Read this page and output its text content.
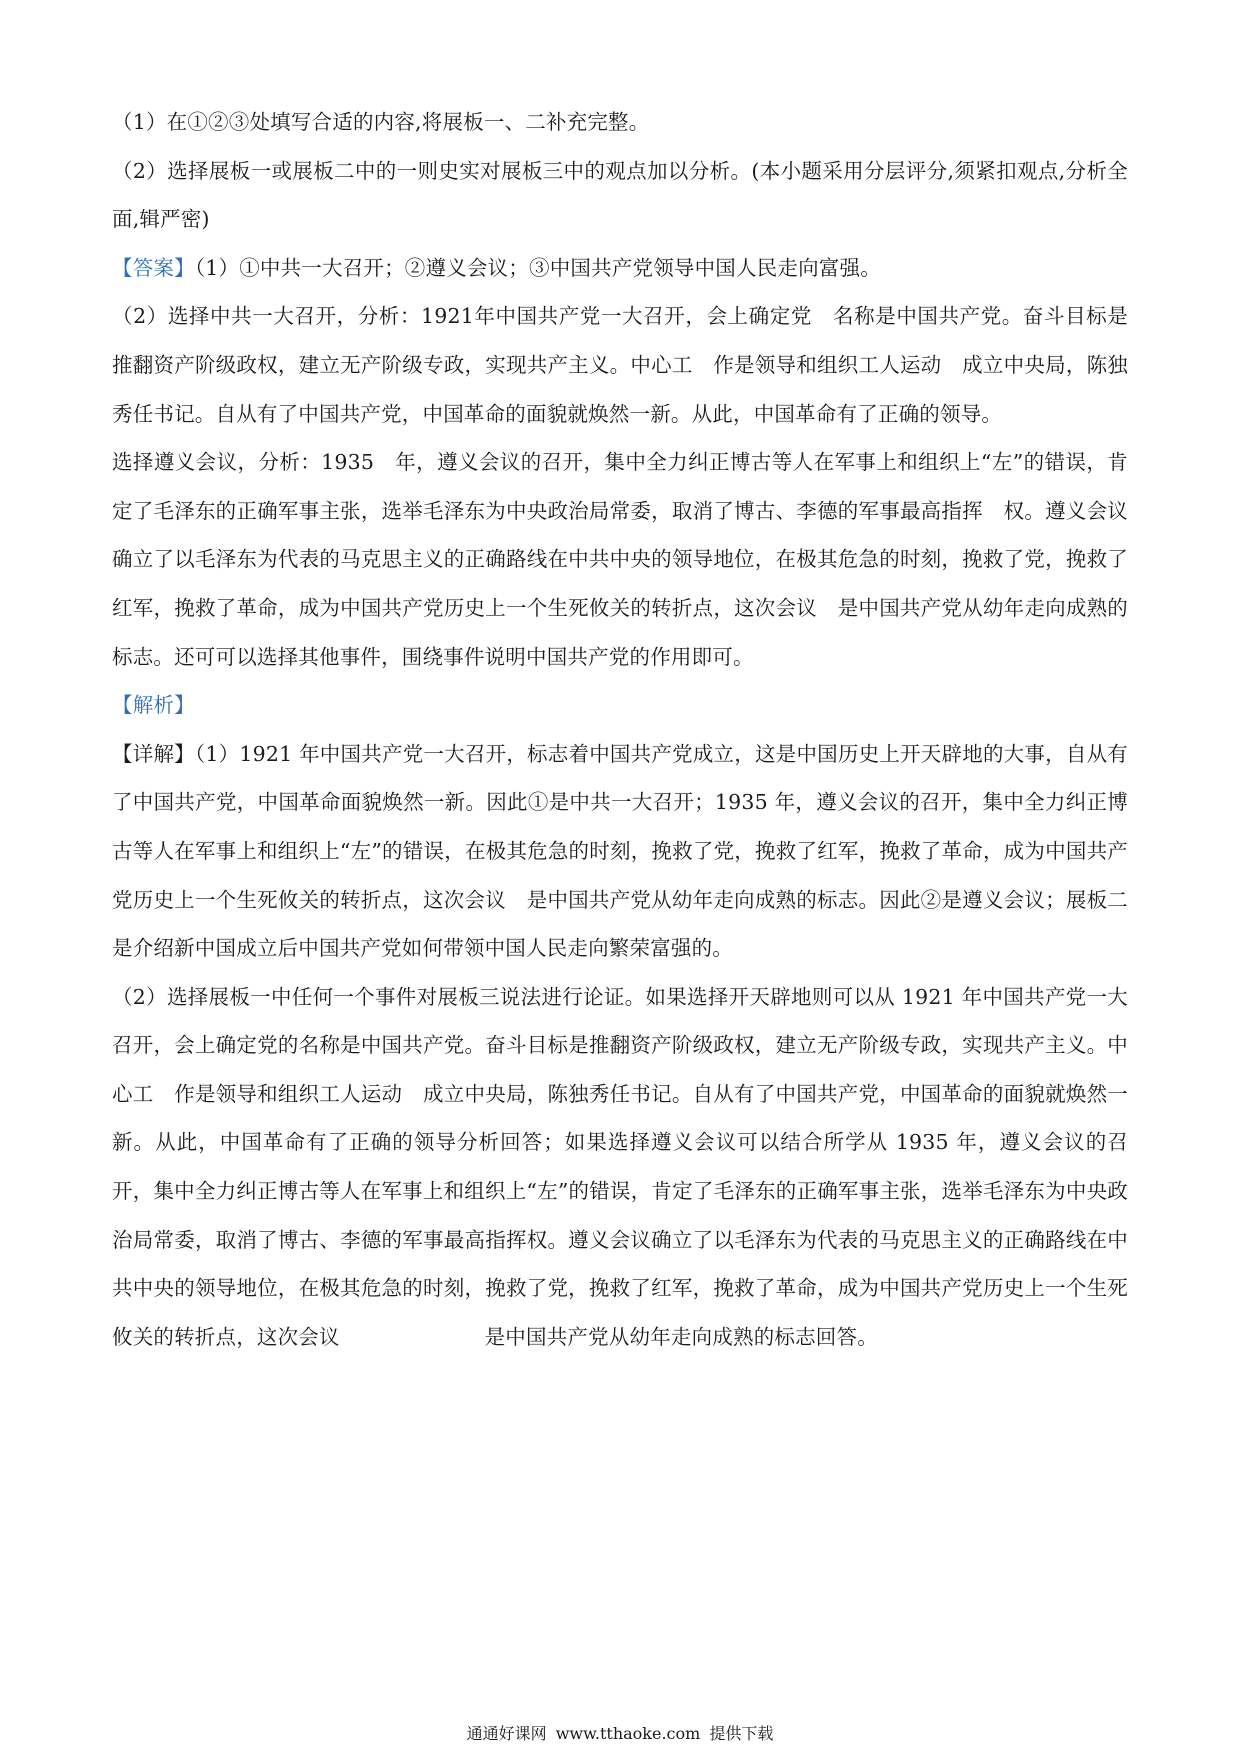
（1）在①②③处填写合适的内容,将展板一、二补充完整。

（2）选择展板一或展板二中的一则史实对展板三中的观点加以分析。(本小题采用分层评分,须紧扣观点,分析全面,辑严密)

【答案】（1）①中共一大召开；②遵义会议；③中国共产党领导中国人民走向富强。

（2）选择中共一大召开，分析：1921年中国共产党一大召开，会上确定党　名称是中国共产党。奋斗目标是推翻资产阶级政权，建立无产阶级专政，实现共产主义。中心工　作是领导和组织工人运动　成立中央局，陈独秀任书记。自从有了中国共产党，中国革命的面貌就焕然一新。从此，中国革命有了正确的领导。

选择遵义会议，分析：1935　年，遵义会议的召开，集中全力纠正博古等人在军事上和组织上“左”的错误，肯定了毛泽东的正确军事主张，选举毛泽东为中央政治局常委，取消了博古、李德的军事最高指挥　权。遵义会议确立了以毛泽东为代表的马克思主义的正确路线在中共中央的领导地位，在极其危急的时刻，挽救了党，挽救了红军，挽救了革命，成为中国共产党历史上一个生死攸关的转折点，这次会议　是中国共产党从幼年走向成熟的标志。还可可以选择其他事件，围绕事件说明中国共产党的作用即可。

【解析】

【详解】（1）1921 年中国共产党一大召开，标志着中国共产党成立，这是中国历史上开天辟地的大事，自从有了中国共产党，中国革命面貌焕然一新。因此①是中共一大召开；1935 年，遵义会议的召开，集中全力纠正博古等人在军事上和组织上“左”的错误，在极其危急的时刻，挽救了党，挽救了红军，挽救了革命，成为中国共产党历史上一个生死攸关的转折点，这次会议　是中国共产党从幼年走向成熟的标志。因此②是遵义会议；展板二是介绍新中国成立后中国共产党如何带领中国人民走向繁荣富强的。

（2）选择展板一中任何一个事件对展板三说法进行论证。如果选择开天辟地则可以从 1921 年中国共产党一大召开，会上确定党的名称是中国共产党。奋斗目标是推翻资产阶级政权，建立无产阶级专政，实现共产主义。中心工　作是领导和组织工人运动　成立中央局，陈独秀任书记。自从有了中国共产党，中国革命的面貌就焕然一新。从此，中国革命有了正确的领导分析回答；如果选择遵义会议可以结合所学从 1935 年，遵义会议的召开，集中全力纠正博古等人在军事上和组织上“左”的错误，肯定了毛泽东的正确军事主张，选举毛泽东为中央政治局常委，取消了博古、李德的军事最高指挥权。遵义会议确立了以毛泽东为代表的马克思主义的正确路线在中共中央的领导地位，在极其危急的时刻，挽救了党，挽救了红军，挽救了革命，成为中国共产党历史上一个生死攸关的转折点，这次会议　　　　　　　是中国共产党从幼年走向成熟的标志回答。

通通好课网 www.tthaoke.com 提供下载
